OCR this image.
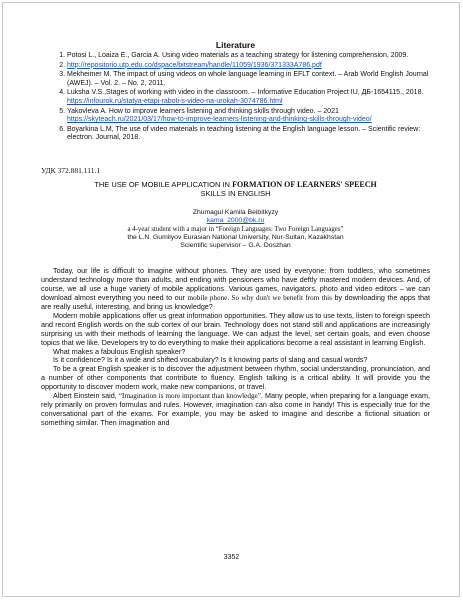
Literature
1. Potosi L., Loaiza E., Garcia A. Using video materials as a teaching strategy for listening comprehension, 2009.
2. http://repositorio.utp.edu.co/dspace/bitstream/handle/11059/1936/371333A786.pdf
3. Mekheimer M. The impact of using videos on whole language learning in EFLT context. – Arab World English Journal (AWEJ). – Vol. 2. – No. 2, 2011.
4. Luksha V.S.,Stages of working with video in the classroom. – Informative Education Project IU, ДБ-1654115., 2018. https://infourok.ru/statya-etapi-raboti-s-video-na-urokah-3074786.html
5. Yakovleva A. How to improve learners listening and thinking skills through video. – 2021 https://skyteach.ru/2021/03/17/how-to-improve-learners-listening-and-thinking-skills-through-video/
6. Boyarkina L.M, The use of video materials in teaching listening at the English language lesson. – Scientific review: electron. Journal, 2018.
УДК 372.881.111.1
THE USE OF MOBILE APPLICATION IN FORMATION OF LEARNERS' SPEECH
SKILLS IN ENGLISH
Zhumagul Kamila Beibitkyzy
kama_2000@bk.ru
a 4-year student with a major in “Foreign Languages: Two Foreign Languages”
the L.N. Gumilyov Eurasian National University, Nur-Sultan, Kazakhstan
Scientific supervisor – G.A. Doszhan

Today, our life is difficult to imagine without phones. They are used by everyone: from toddlers, who sometimes understand technology more than adults, and ending with pensioners who have deftly mastered modern devices. And, of course, we all use a huge variety of mobile applications. Various games, navigators, photo and video editors – we can download almost everything you need to our mobile phone. So why don't we benefit from this by downloading the apps that are really useful, interesting, and bring us knowledge?

Modern mobile applications offer us great information opportunities. They allow us to use texts, listen to foreign speech and record English words on the sub cortex of our brain. Technology does not stand still and applications are increasingly surprising us with their methods of learning the language. We can adjust the level, set certain goals, and even choose topics that we like. Developers try to do everything to make their applications become a real assistant in learning English.

What makes a fabulous English speaker?

Is it confidence? Is it a wide and shifted vocabulary? Is it knowing parts of slang and casual words?

To be a great English speaker is to discover the adjustment between rhythm, social understanding, pronunciation, and a number of other components that contribute to fluency. English talking is a critical ability. It will provide you the opportunity to discover modern work, make new companions, or travel.

Albert Einstein said, “Imagination is more important than knowledge”. Many people, when preparing for a language exam, rely primarily on proven formulas and rules. However, imagination can also come in handy! This is especially true for the conversational part of the exams. For example, you may be asked to imagine and describe a fictional situation or something similar. Then imagination and

3352
